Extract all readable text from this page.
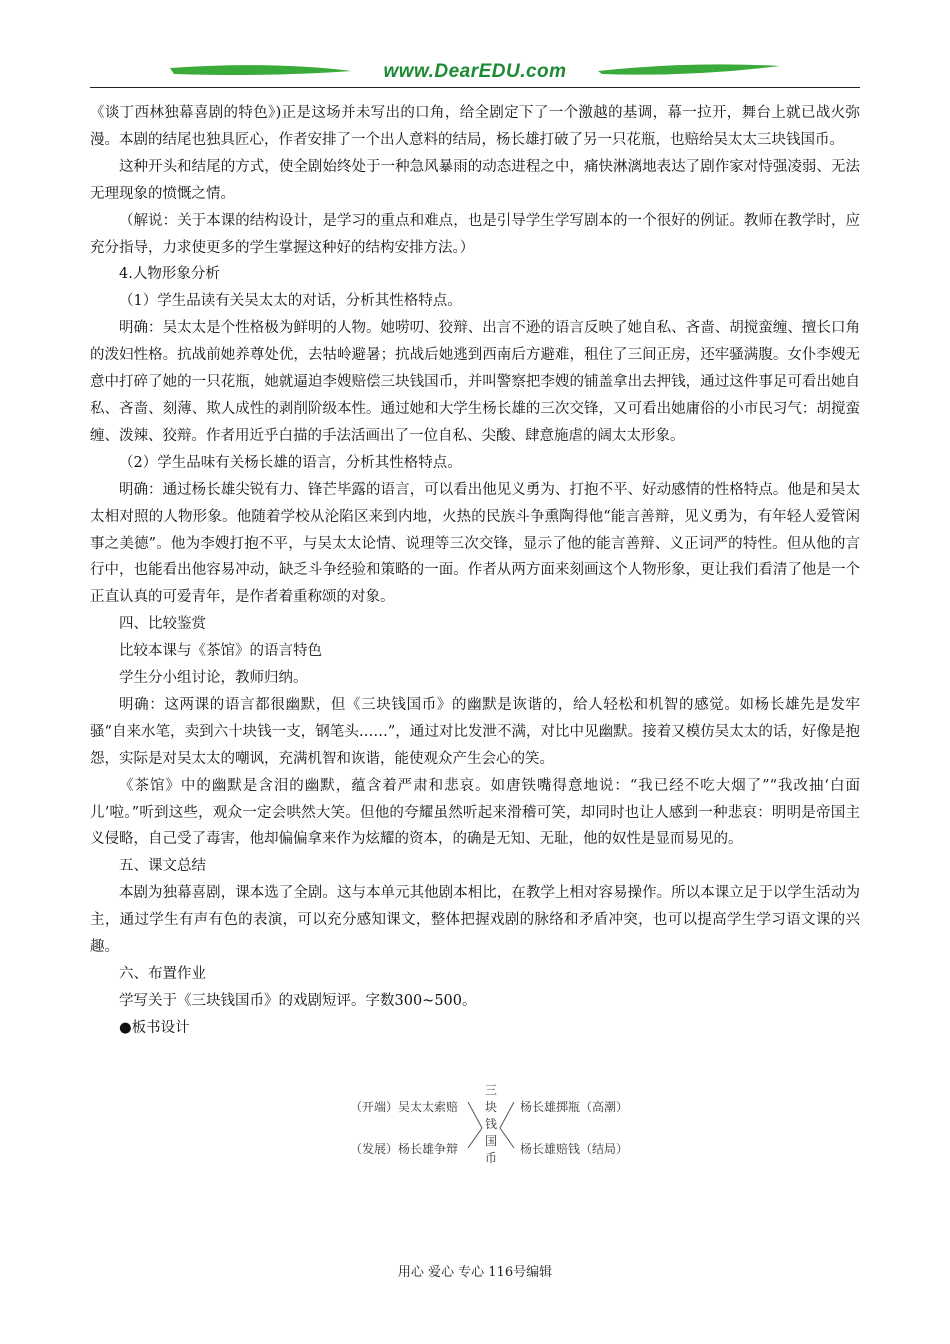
www.DearEDU.com

《谈丁西林独幕喜剧的特色》)正是这场并未写出的口角，给全剧定下了一个激越的基调，幕一拉开，舞台上就已战火弥漫。本剧的结尾也独具匠心，作者安排了一个出人意料的结局，杨长雄打破了另一只花瓶，也赔给吴太太三块钱国币。

这种开头和结尾的方式，使全剧始终处于一种急风暴雨的动态进程之中，痛快淋漓地表达了剧作家对恃强凌弱、无法无理现象的愤慨之情。

（解说：关于本课的结构设计，是学习的重点和难点，也是引导学生学写剧本的一个很好的例证。教师在教学时，应充分指导，力求使更多的学生掌握这种好的结构安排方法。）

4.人物形象分析

（1）学生品读有关吴太太的对话，分析其性格特点。

明确：吴太太是个性格极为鲜明的人物。她唠叨、狡辩、出言不逊的语言反映了她自私、吝啬、胡搅蛮缠、擅长口角的泼妇性格。抗战前她养尊处优，去牯岭避暑；抗战后她逃到西南后方避难，租住了三间正房，还牢骚满腹。女仆李嫂无意中打碎了她的一只花瓶，她就逼迫李嫂赔偿三块钱国币，并叫警察把李嫂的铺盖拿出去押钱，通过这件事足可看出她自私、吝啬、刻薄、欺人成性的剥削阶级本性。通过她和大学生杨长雄的三次交锋，又可看出她庸俗的小市民习气：胡搅蛮缠、泼辣、狡辩。作者用近乎白描的手法活画出了一位自私、尖酸、肆意施虐的阔太太形象。

（2）学生品味有关杨长雄的语言，分析其性格特点。

明确：通过杨长雄尖锐有力、锋芒毕露的语言，可以看出他见义勇为、打抱不平、好动感情的性格特点。他是和吴太太相对照的人物形象。他随着学校从沦陷区来到内地，火热的民族斗争熏陶得他“能言善辩，见义勇为，有年轻人爱管闲事之美德”。他为李嫂打抱不平，与吴太太论情、说理等三次交锋，显示了他的能言善辩、义正词严的特性。但从他的言行中，也能看出他容易冲动，缺乏斗争经验和策略的一面。作者从两方面来刻画这个人物形象，更让我们看清了他是一个正直认真的可爱青年，是作者着重称颂的对象。

四、比较鉴赏

比较本课与《茶馆》的语言特色

学生分小组讨论，教师归纳。

明确：这两课的语言都很幽默，但《三块钱国币》的幽默是诙谐的，给人轻松和机智的感觉。如杨长雄先是发牢骚“自来水笔，卖到六十块钱一支，钢笔头……”，通过对比发泄不满，对比中见幽默。接着又模仿吴太太的话，好像是抱怨，实际是对吴太太的嘲讽，充满机智和诙谐，能使观众产生会心的笑。

《茶馆》中的幽默是含泪的幽默，蕴含着严肃和悲哀。如唐铁嘴得意地说：“我已经不吃大烟了”“我改抽‘白面儿’啦。”听到这些，观众一定会哄然大笑。但他的夸耀虽然听起来滑稽可笑，却同时也让人感到一种悲哀：明明是帝国主义侵略，自己受了毒害，他却偏偏拿来作为炫耀的资本，的确是无知、无耻，他的奴性是显而易见的。

五、课文总结

本剧为独幕喜剧，课本选了全剧。这与本单元其他剧本相比，在教学上相对容易操作。所以本课立足于以学生活动为主，通过学生有声有色的表演，可以充分感知课文，整体把握戏剧的脉络和矛盾冲突，也可以提高学生学习语文课的兴趣。

六、布置作业

学写关于《三块钱国币》的戏剧短评。字数300~500。

●板书设计

（开端）吴太太索赔
（发展）杨长雄争辩
三
块
钱
国
币
杨长雄掷瓶（高潮）
杨长雄赔钱（结局）
用心 爱心 专心 116号编辑
